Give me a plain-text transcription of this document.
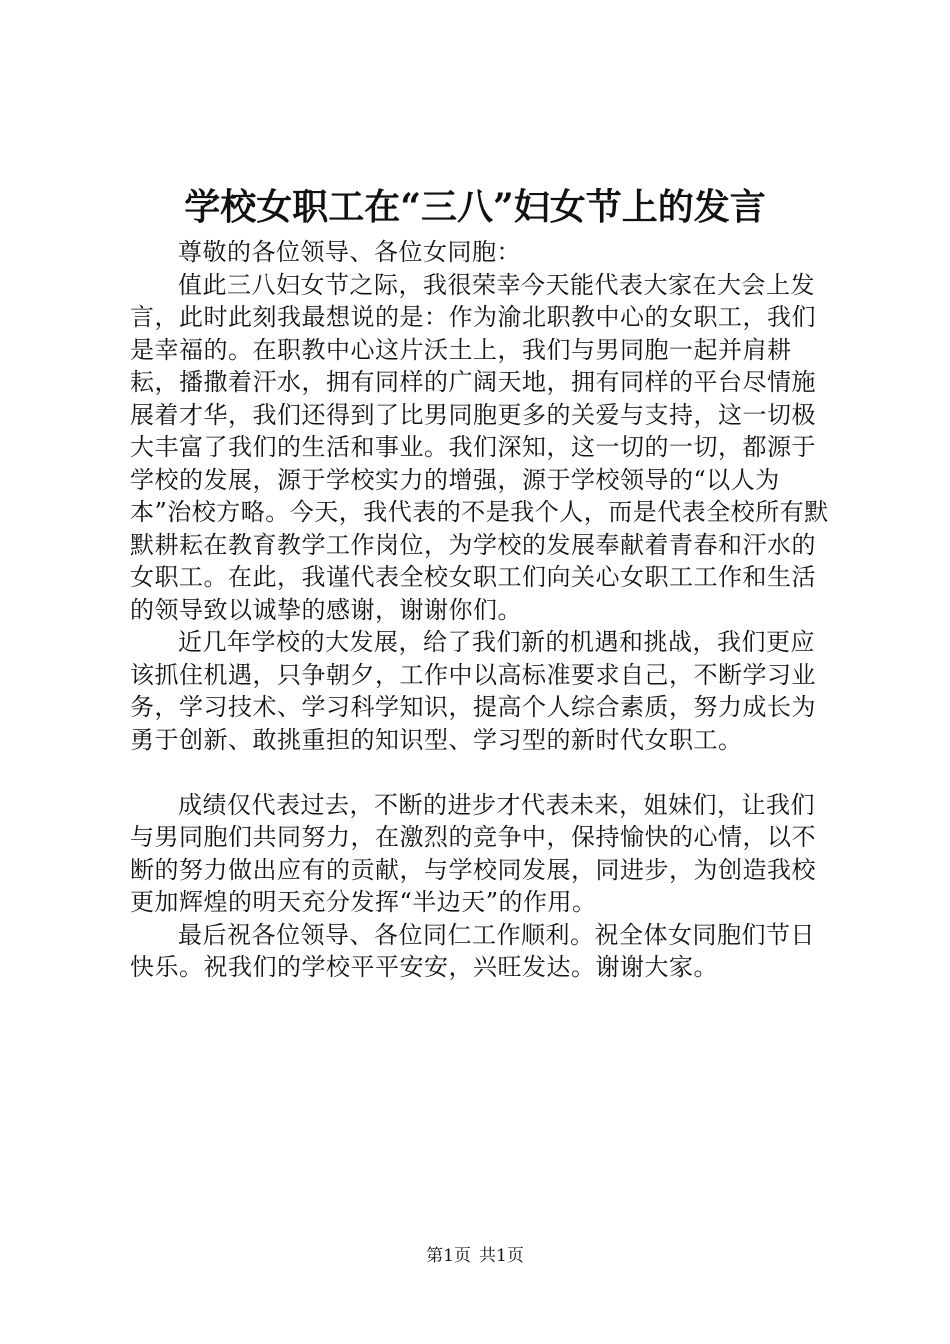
学校女职工在“三八”妇女节上的发言

尊敬的各位领导、各位女同胞：

值此三八妇女节之际，我很荣幸今天能代表大家在大会上发言，此时此刻我最想说的是：作为渝北职教中心的女职工，我们是幸福的。在职教中心这片沃土上，我们与男同胞一起并肩耕耘，播撒着汗水，拥有同样的广阔天地，拥有同样的平台尽情施展着才华，我们还得到了比男同胞更多的关爱与支持，这一切极大丰富了我们的生活和事业。我们深知，这一切的一切，都源于学校的发展，源于学校实力的增强，源于学校领导的“以人为本”治校方略。今天，我代表的不是我个人，而是代表全校所有默默耕耘在教育教学工作岗位，为学校的发展奉献着青春和汗水的女职工。在此，我谨代表全校女职工们向关心女职工工作和生活的领导致以诚挚的感谢，谢谢你们。

近几年学校的大发展，给了我们新的机遇和挑战，我们更应该抓住机遇，只争朝夕，工作中以高标准要求自己，不断学习业务，学习技术、学习科学知识，提高个人综合素质，努力成长为勇于创新、敢挑重担的知识型、学习型的新时代女职工。

成绩仅代表过去，不断的进步才代表未来，姐妹们，让我们与男同胞们共同努力，在激烈的竞争中，保持愉快的心情，以不断的努力做出应有的贡献，与学校同发展，同进步，为创造我校更加辉煌的明天充分发挥“半边天”的作用。

最后祝各位领导、各位同仁工作顺利。祝全体女同胞们节日快乐。祝我们的学校平平安安，兴旺发达。谢谢大家。

第1页 共1页
